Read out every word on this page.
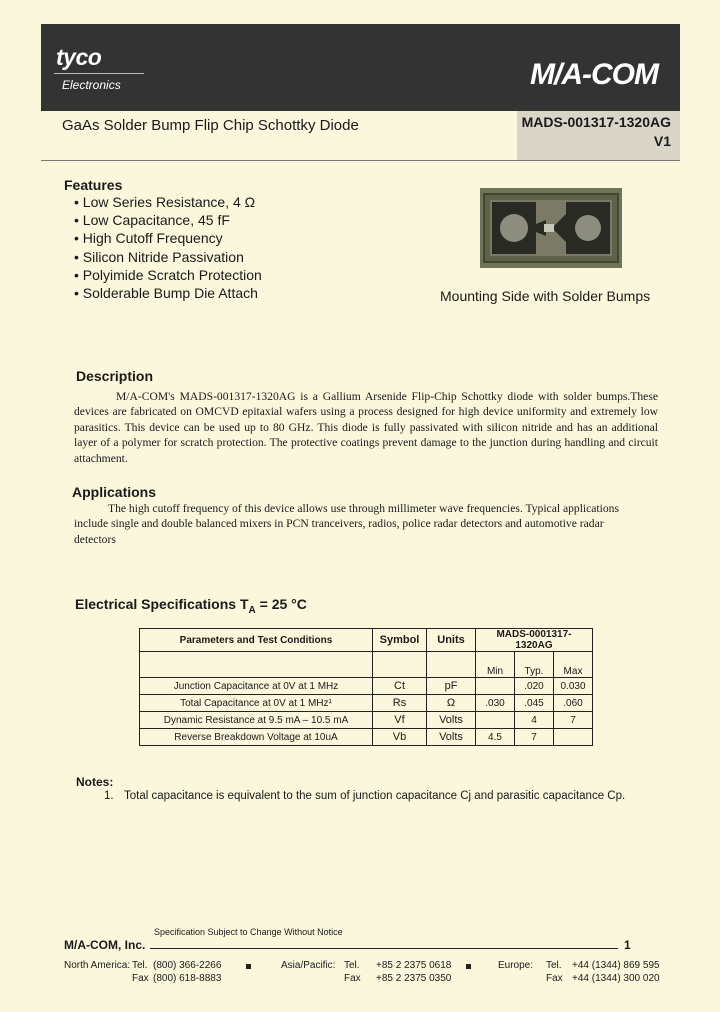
tyco
Electronics	M/A-COM
GaAs Solder Bump Flip Chip Schottky Diode	MADS-001317-1320AG
V1
Features
• Low Series Resistance, 4 Ω
• Low Capacitance, 45 fF
• High Cutoff Frequency
• Silicon Nitride Passivation
• Polyimide Scratch Protection
• Solderable Bump Die Attach	Mounting Side with Solder Bumps
Description

M/A-COM's MADS-001317-1320AG is a Gallium Arsenide Flip-Chip Schottky diode with solder bumps.These devices are fabricated on OMCVD epitaxial wafers using a process designed for high device uniformity and extremely low parasitics. This device can be used up to 80 GHz. This diode is fully passivated with silicon nitride and has an additional layer of a polymer for scratch protection. The protective coatings prevent damage to the junction during handling and circuit attachment.

Applications

The high cutoff frequency of this device allows use through millimeter wave frequencies. Typical applications include single and double balanced mixers in PCN tranceivers, radios, police radar detectors and automotive radar detectors

Electrical Specifications $T_A = 25$ °C
Parameters and Test Conditions	Symbol	Units	MADS-0001317-1320AG		
			Min	Typ.	Max
Junction Capacitance at 0V at 1 MHz	Ct	pF		.020	0.030
Total Capacitance at 0V at 1 MHz¹	Rs	Ω	.030	.045	.060
Dynamic Resistance at 9.5 mA – 10.5 mA	Vf	Volts		4	7
Reverse Breakdown Voltage at 10uA	Vb	Volts	4.5	7	
Notes:
1. Total capacitance is equivalent to the sum of junction capacitance Cj and parasitic capacitance Cp.
Specification Subject to Change Without Notice
M/A-COM, Inc.	1
North America: Tel. (800) 366-2266
Fax (800) 618-8883
Asia/Pacific: Tel. +85 2 2375 0618
Fax +85 2 2375 0350
Europe: Tel. +44 (1344) 869 595
Fax +44 (1344) 300 020
